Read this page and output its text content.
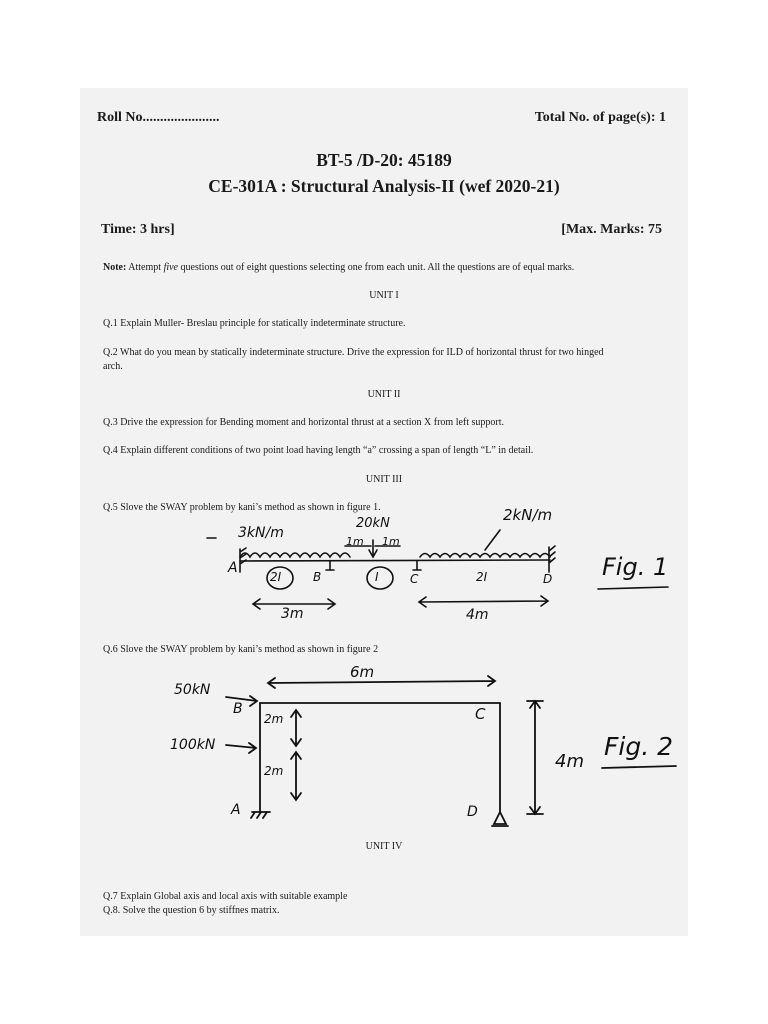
Roll No......................	Total No. of page(s): 1
BT-5 /D-20: 45189
CE-301A : Structural Analysis-II (wef 2020-21)
Time: 3 hrs]	[Max. Marks: 75
Note: Attempt five questions out of eight questions selecting one from each unit. All the questions are of equal marks.
UNIT I
Q.1 Explain Muller- Breslau principle for statically indeterminate structure.
Q.2 What do you mean by statically indeterminate structure. Drive the expression for ILD of horizontal thrust for two hinged
arch.
UNIT II
Q.3 Drive the expression for Bending moment and horizontal thrust at a section X from left support.
Q.4 Explain different conditions of two point load having length “a” crossing a span of length “L” in detail.
UNIT III
Q.5 Slove the SWAY problem by kani’s method as shown in figure 1.
3kN/m
20kN
1m 1m
2kN/m
A
2I	B	I	C	2I	D
3m	4m
Fig. 1
Q.6 Slove the SWAY problem by kani’s method as shown in figure 2
6m
50kN
B	C
2m
100kN
2m	4m
Fig. 2
A	D
UNIT IV
Q.7 Explain Global axis and local axis with suitable example
Q.8. Solve the question 6 by stiffnes matrix.
